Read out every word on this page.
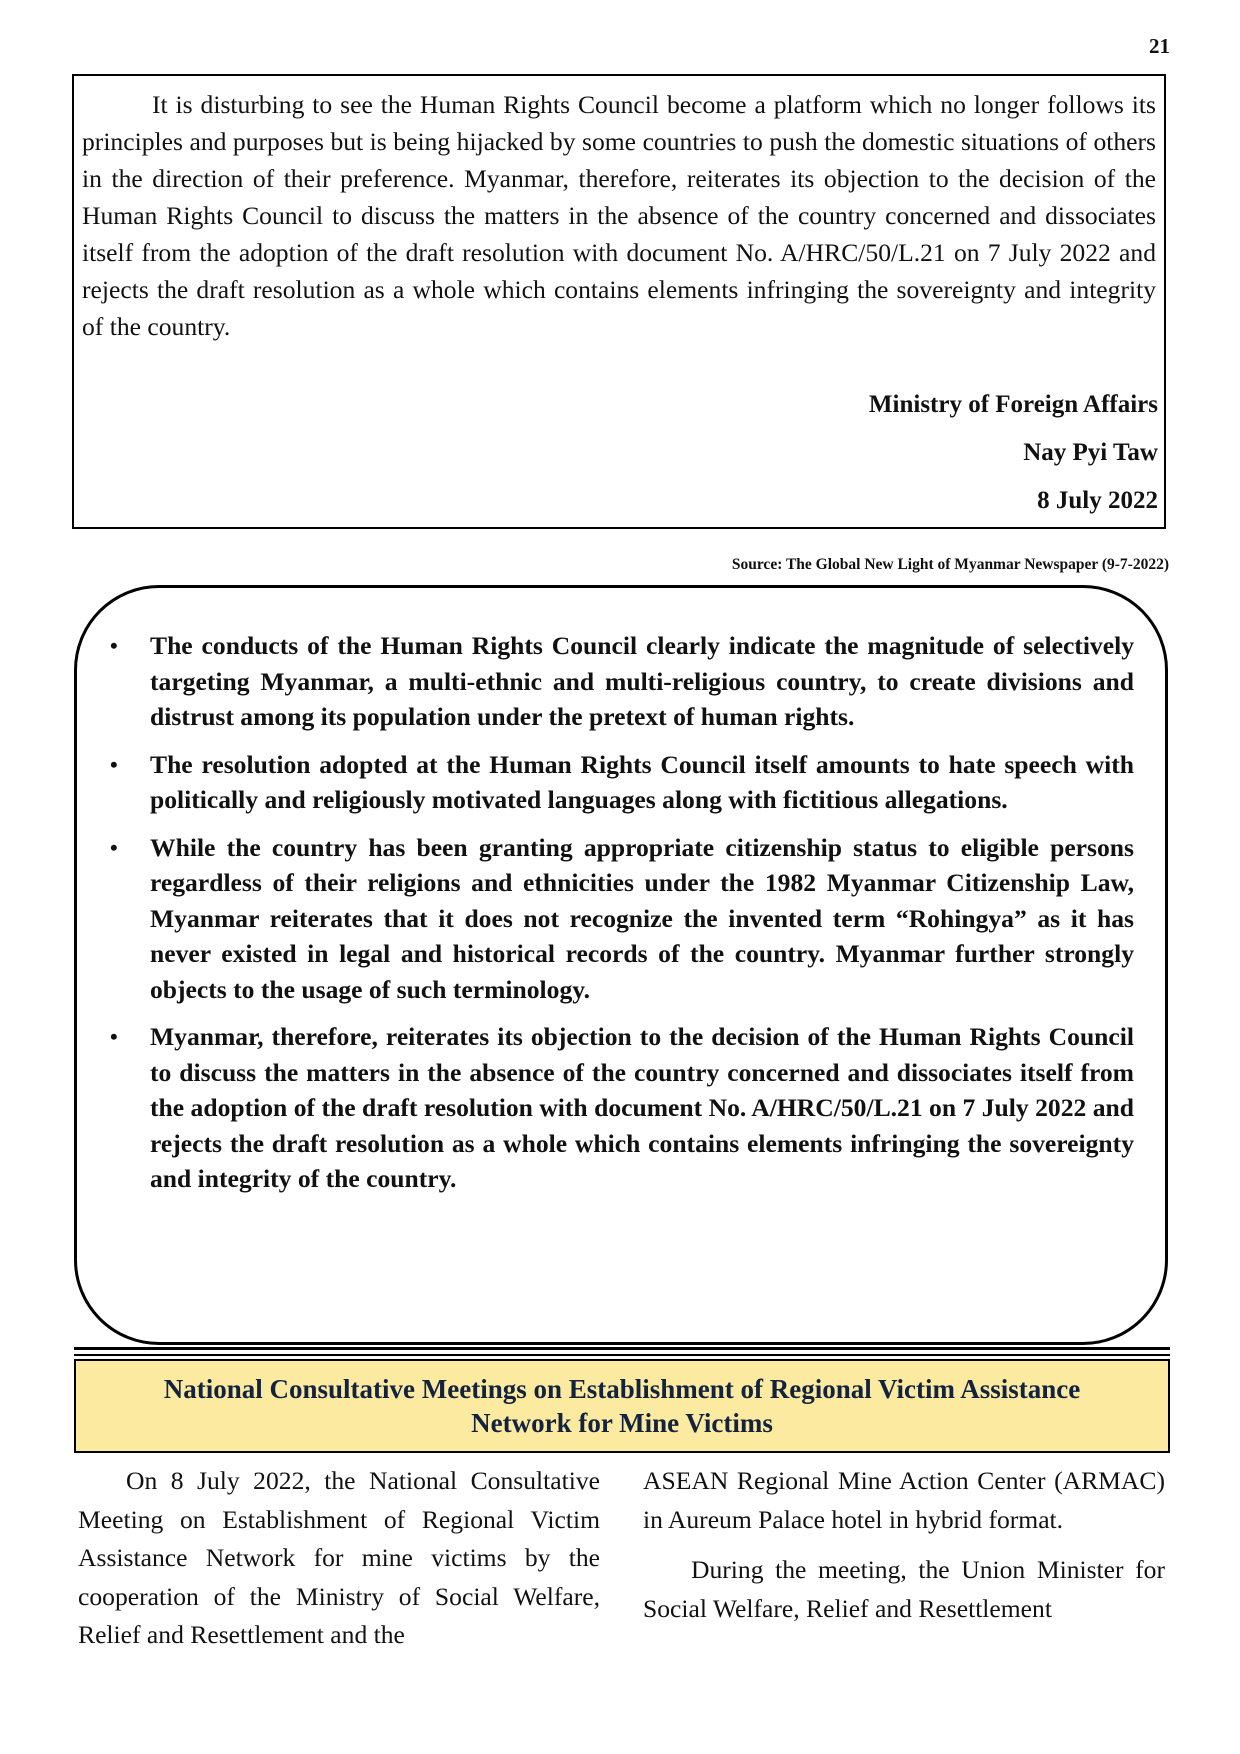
21

It is disturbing to see the Human Rights Council become a platform which no longer follows its principles and purposes but is being hijacked by some countries to push the domestic situations of others in the direction of their preference. Myanmar, therefore, reiterates its objection to the decision of the Human Rights Council to discuss the matters in the absence of the country concerned and dissociates itself from the adoption of the draft resolution with document No. A/HRC/50/L.21 on 7 July 2022 and rejects the draft resolution as a whole which contains elements infringing the sovereignty and integrity of the country.

Ministry of Foreign Affairs
Nay Pyi Taw
8 July 2022
Source: The Global New Light of Myanmar Newspaper (9-7-2022)
• The conducts of the Human Rights Council clearly indicate the magnitude of selectively targeting Myanmar, a multi-ethnic and multi-religious country, to create divisions and distrust among its population under the pretext of human rights.
• The resolution adopted at the Human Rights Council itself amounts to hate speech with politically and religiously motivated languages along with fictitious allegations.
• While the country has been granting appropriate citizenship status to eligible persons regardless of their religions and ethnicities under the 1982 Myanmar Citizenship Law, Myanmar reiterates that it does not recognize the invented term “Rohingya” as it has never existed in legal and historical records of the country. Myanmar further strongly objects to the usage of such terminology.
• Myanmar, therefore, reiterates its objection to the decision of the Human Rights Council to discuss the matters in the absence of the country concerned and dissociates itself from the adoption of the draft resolution with document No. A/HRC/50/L.21 on 7 July 2022 and rejects the draft resolution as a whole which contains elements infringing the sovereignty and integrity of the country.
National Consultative Meetings on Establishment of Regional Victim Assistance
Network for Mine Victims

On 8 July 2022, the National Consultative Meeting on Establishment of Regional Victim Assistance Network for mine victims by the cooperation of the Ministry of Social Welfare, Relief and Resettlement and the

ASEAN Regional Mine Action Center (ARMAC) in Aureum Palace hotel in hybrid format.

During the meeting, the Union Minister for Social Welfare, Relief and Resettlement
